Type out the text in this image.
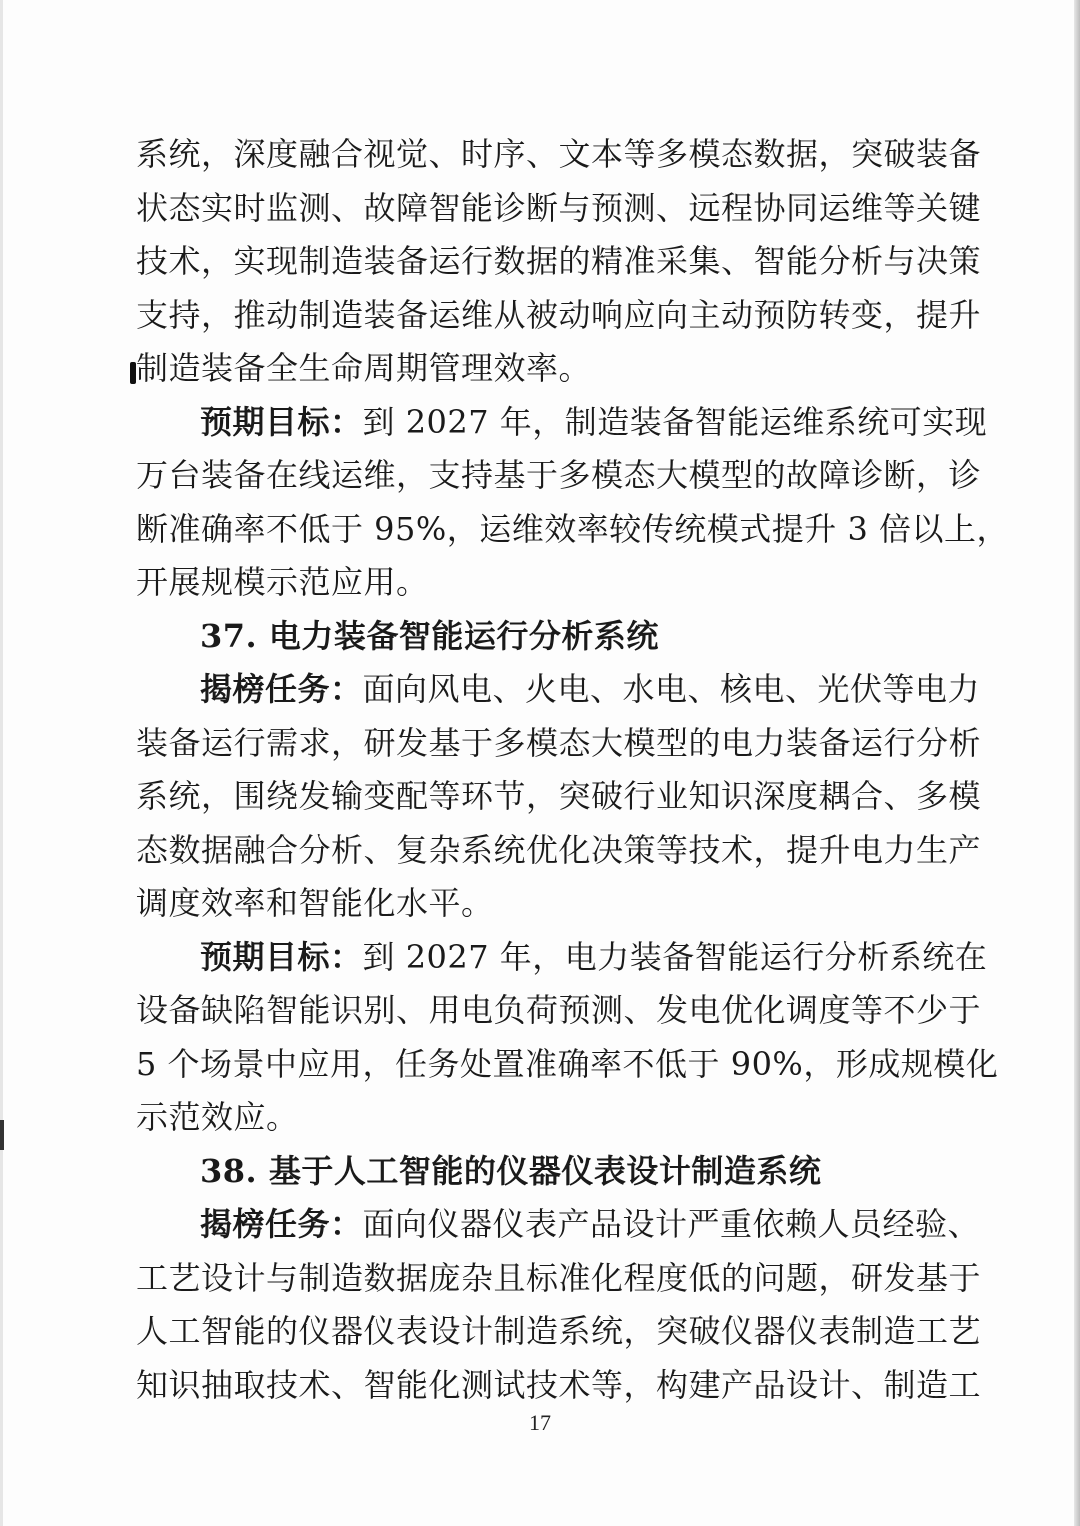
系统，深度融合视觉、时序、文本等多模态数据，突破装备
状态实时监测、故障智能诊断与预测、远程协同运维等关键
技术，实现制造装备运行数据的精准采集、智能分析与决策
支持，推动制造装备运维从被动响应向主动预防转变，提升
制造装备全生命周期管理效率。
预期目标：到 2027 年，制造装备智能运维系统可实现
万台装备在线运维，支持基于多模态大模型的故障诊断，诊
断准确率不低于 95%，运维效率较传统模式提升 3 倍以上，
开展规模示范应用。
37. 电力装备智能运行分析系统
揭榜任务：面向风电、火电、水电、核电、光伏等电力
装备运行需求，研发基于多模态大模型的电力装备运行分析
系统，围绕发输变配等环节，突破行业知识深度耦合、多模
态数据融合分析、复杂系统优化决策等技术，提升电力生产
调度效率和智能化水平。
预期目标：到 2027 年，电力装备智能运行分析系统在
设备缺陷智能识别、用电负荷预测、发电优化调度等不少于
5 个场景中应用，任务处置准确率不低于 90%，形成规模化
示范效应。
38. 基于人工智能的仪器仪表设计制造系统
揭榜任务：面向仪器仪表产品设计严重依赖人员经验、
工艺设计与制造数据庞杂且标准化程度低的问题，研发基于
人工智能的仪器仪表设计制造系统，突破仪器仪表制造工艺
知识抽取技术、智能化测试技术等，构建产品设计、制造工
17
